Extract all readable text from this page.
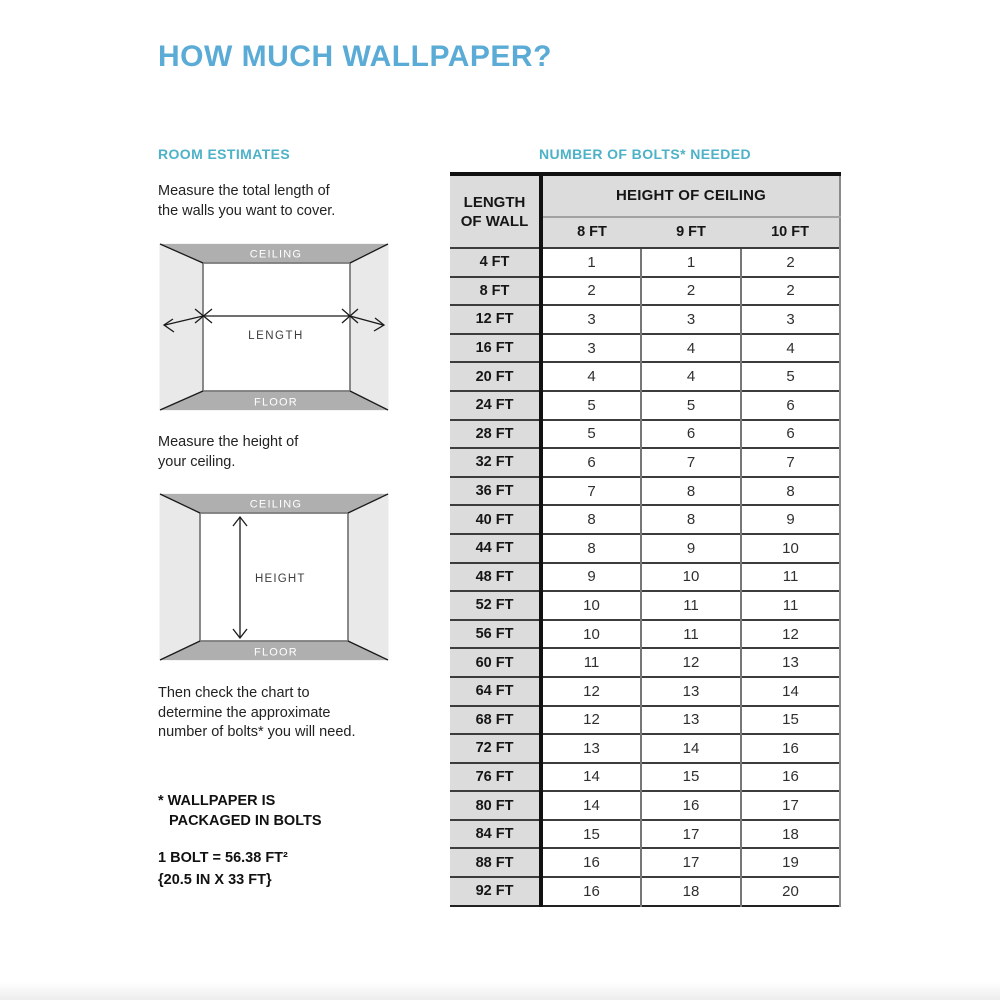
HOW MUCH WALLPAPER?
ROOM ESTIMATES
Measure the total length of
the walls you want to cover.
CEILING
FLOOR
LENGTH
Measure the height of
your ceiling.
CEILING
FLOOR
HEIGHT
Then check the chart to
determine the approximate
number of bolts* you will need.
* WALLPAPER IS
PACKAGED IN BOLTS
1 BOLT = 56.38 FT²
{20.5 IN X 33 FT}
NUMBER OF BOLTS* NEEDED
LENGTH OF WALL	HEIGHT OF CEILING		
	8 FT	9 FT	10 FT
4 FT	1	1	2
8 FT	2	2	2
12 FT	3	3	3
16 FT	3	4	4
20 FT	4	4	5
24 FT	5	5	6
28 FT	5	6	6
32 FT	6	7	7
36 FT	7	8	8
40 FT	8	8	9
44 FT	8	9	10
48 FT	9	10	11
52 FT	10	11	11
56 FT	10	11	12
60 FT	11	12	13
64 FT	12	13	14
68 FT	12	13	15
72 FT	13	14	16
76 FT	14	15	16
80 FT	14	16	17
84 FT	15	17	18
88 FT	16	17	19
92 FT	16	18	20
